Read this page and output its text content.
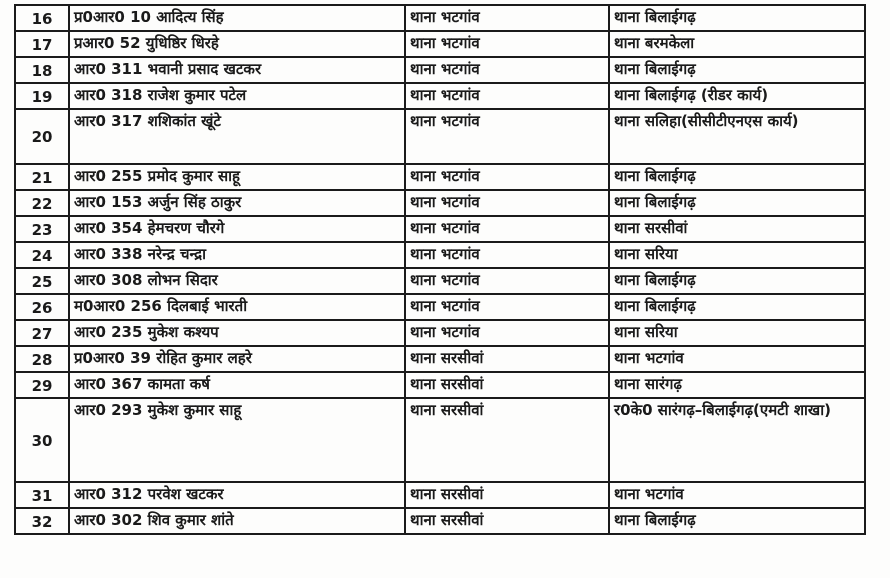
16	प्र0आर0 10 आदित्य सिंह	थाना भटगांव	थाना बिलाईगढ़
17	प्रआर0 52 युधिष्ठिर धिरहे	थाना भटगांव	थाना बरमकेला
18	आर0 311 भवानी प्रसाद खटकर	थाना भटगांव	थाना बिलाईगढ़
19	आर0 318 राजेश कुमार पटेल	थाना भटगांव	थाना बिलाईगढ़ (रीडर कार्य)
20	आर0 317 शशिकांत खूंटे	थाना भटगांव	थाना सलिहा(सीसीटीएनएस कार्य)
21	आर0 255 प्रमोद कुमार साहू	थाना भटगांव	थाना बिलाईगढ़
22	आर0 153 अर्जुन सिंह ठाकुर	थाना भटगांव	थाना बिलाईगढ़
23	आर0 354 हेमचरण चौरगे	थाना भटगांव	थाना सरसीवां
24	आर0 338 नरेन्द्र चन्द्रा	थाना भटगांव	थाना सरिया
25	आर0 308 लोभन सिदार	थाना भटगांव	थाना बिलाईगढ़
26	म0आर0 256 दिलबाई भारती	थाना भटगांव	थाना बिलाईगढ़
27	आर0 235 मुकेश कश्यप	थाना भटगांव	थाना सरिया
28	प्र0आर0 39 रोहित कुमार लहरे	थाना सरसीवां	थाना भटगांव
29	आर0 367 कामता कर्ष	थाना सरसीवां	थाना सारंगढ़
30	आर0 293 मुकेश कुमार साहू	थाना सरसीवां	र0के0 सारंगढ़–बिलाईगढ़(एमटी शाखा)
31	आर0 312 परवेश खटकर	थाना सरसीवां	थाना भटगांव
32	आर0 302 शिव कुमार शांते	थाना सरसीवां	थाना बिलाईगढ़
